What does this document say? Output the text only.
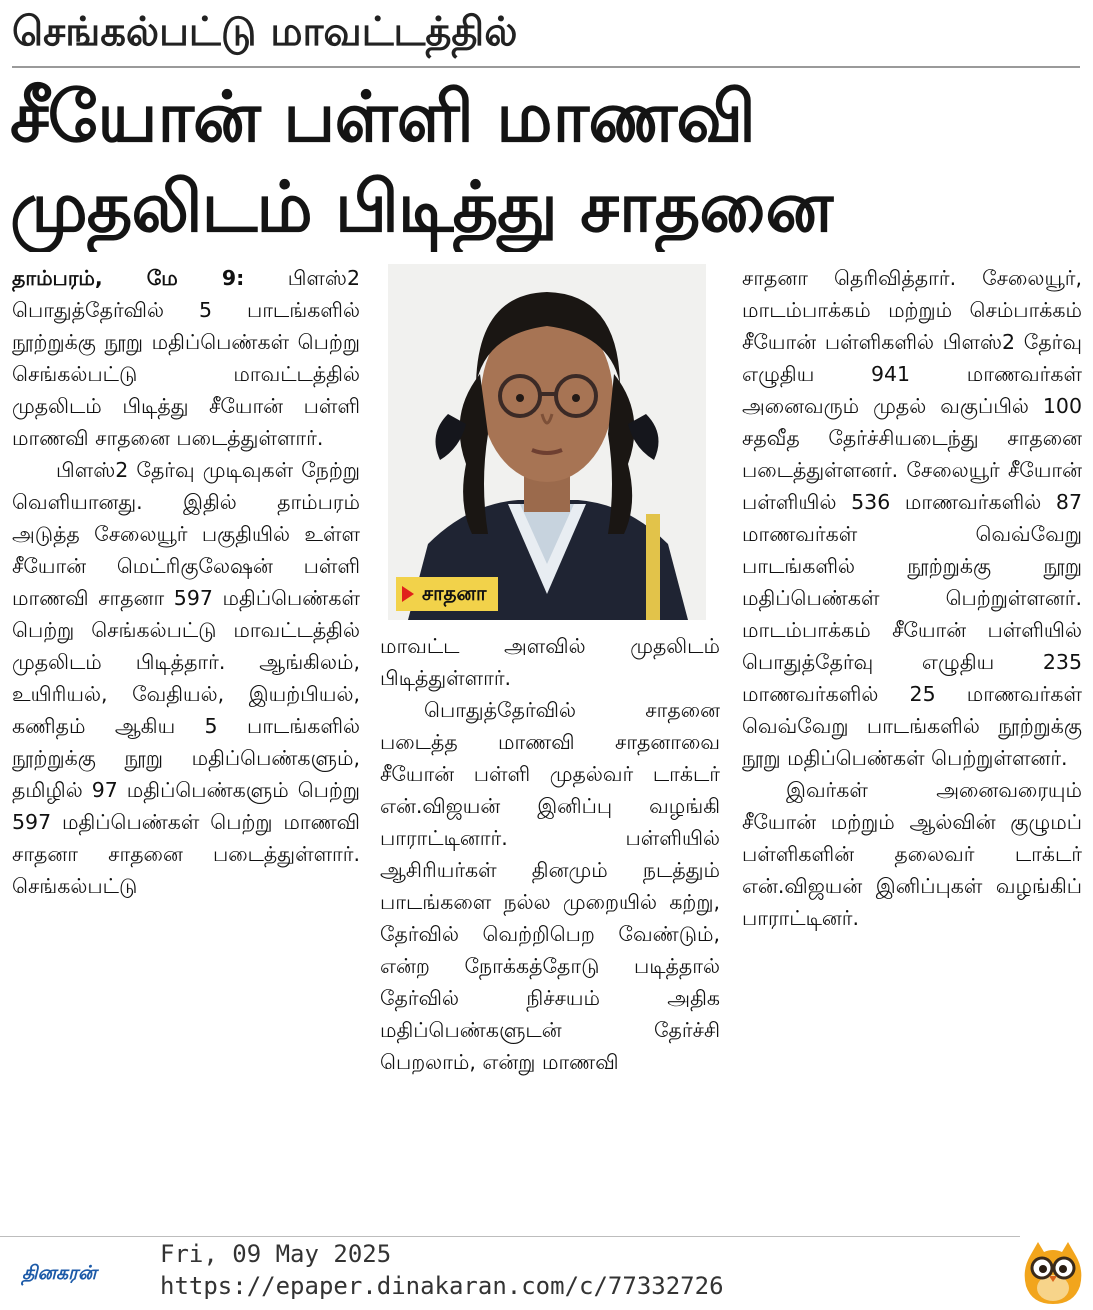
செங்கல்பட்டு மாவட்டத்தில்
சீயோன் பள்ளி மாணவி
முதலிடம் பிடித்து சாதனை

தாம்பரம், மே 9: பிளஸ்2 பொதுத்தேர்வில் 5 பாடங்களில் நூற்றுக்கு நூறு மதிப்பெண்கள் பெற்று செங்கல்பட்டு மாவட்டத்தில் முதலிடம் பிடித்து சீயோன் பள்ளி மாணவி சாதனை படைத்துள்ளார்.

பிளஸ்2 தேர்வு முடிவுகள் நேற்று வெளியானது. இதில் தாம்பரம் அடுத்த சேலையூர் பகுதியில் உள்ள சீயோன் மெட்ரிகுலேஷன் பள்ளி மாணவி சாதனா 597 மதிப்பெண்கள் பெற்று செங்கல்பட்டு மாவட்டத்தில் முதலிடம் பிடித்தார். ஆங்கிலம், உயிரியல், வேதியல், இயற்பியல், கணிதம் ஆகிய 5 பாடங்களில் நூற்றுக்கு நூறு மதிப்பெண்களும், தமிழில் 97 மதிப்பெண்களும் பெற்று 597 மதிப்பெண்கள் பெற்று மாணவி சாதனா சாதனை படைத்துள்ளார். செங்கல்பட்டு

சாதனா

மாவட்ட அளவில் முதலிடம் பிடித்துள்ளார்.

பொதுத்தேர்வில் சாதனை படைத்த மாணவி சாதனாவை சீயோன் பள்ளி முதல்வர் டாக்டர் என்.விஜயன் இனிப்பு வழங்கி பாராட்டினார். பள்ளியில் ஆசிரியர்கள் தினமும் நடத்தும் பாடங்களை நல்ல முறையில் கற்று, தேர்வில் வெற்றிபெற வேண்டும், என்ற நோக்கத்தோடு படித்தால் தேர்வில் நிச்சயம் அதிக மதிப்பெண்களுடன் தேர்ச்சி பெறலாம், என்று மாணவி

சாதனா தெரிவித்தார். சேலையூர், மாடம்பாக்கம் மற்றும் செம்பாக்கம் சீயோன் பள்ளிகளில் பிளஸ்2 தேர்வு எழுதிய 941 மாணவர்கள் அனைவரும் முதல் வகுப்பில் 100 சதவீத தேர்ச்சியடைந்து சாதனை படைத்துள்ளனர். சேலையூர் சீயோன் பள்ளியில் 536 மாணவர்களில் 87 மாணவர்கள் வெவ்வேறு பாடங்களில் நூற்றுக்கு நூறு மதிப்பெண்கள் பெற்றுள்ளனர். மாடம்பாக்கம் சீயோன் பள்ளியில் பொதுத்தேர்வு எழுதிய 235 மாணவர்களில் 25 மாணவர்கள் வெவ்வேறு பாடங்களில் நூற்றுக்கு நூறு மதிப்பெண்கள் பெற்றுள்ளனர்.

இவர்கள் அனைவரையும் சீயோன் மற்றும் ஆல்வின் குழுமப் பள்ளிகளின் தலைவர் டாக்டர் என்.விஜயன் இனிப்புகள் வழங்கிப் பாராட்டினர்.

தினகரன்
Fri, 09 May 2025
https://epaper.dinakaran.com/c/77332726
